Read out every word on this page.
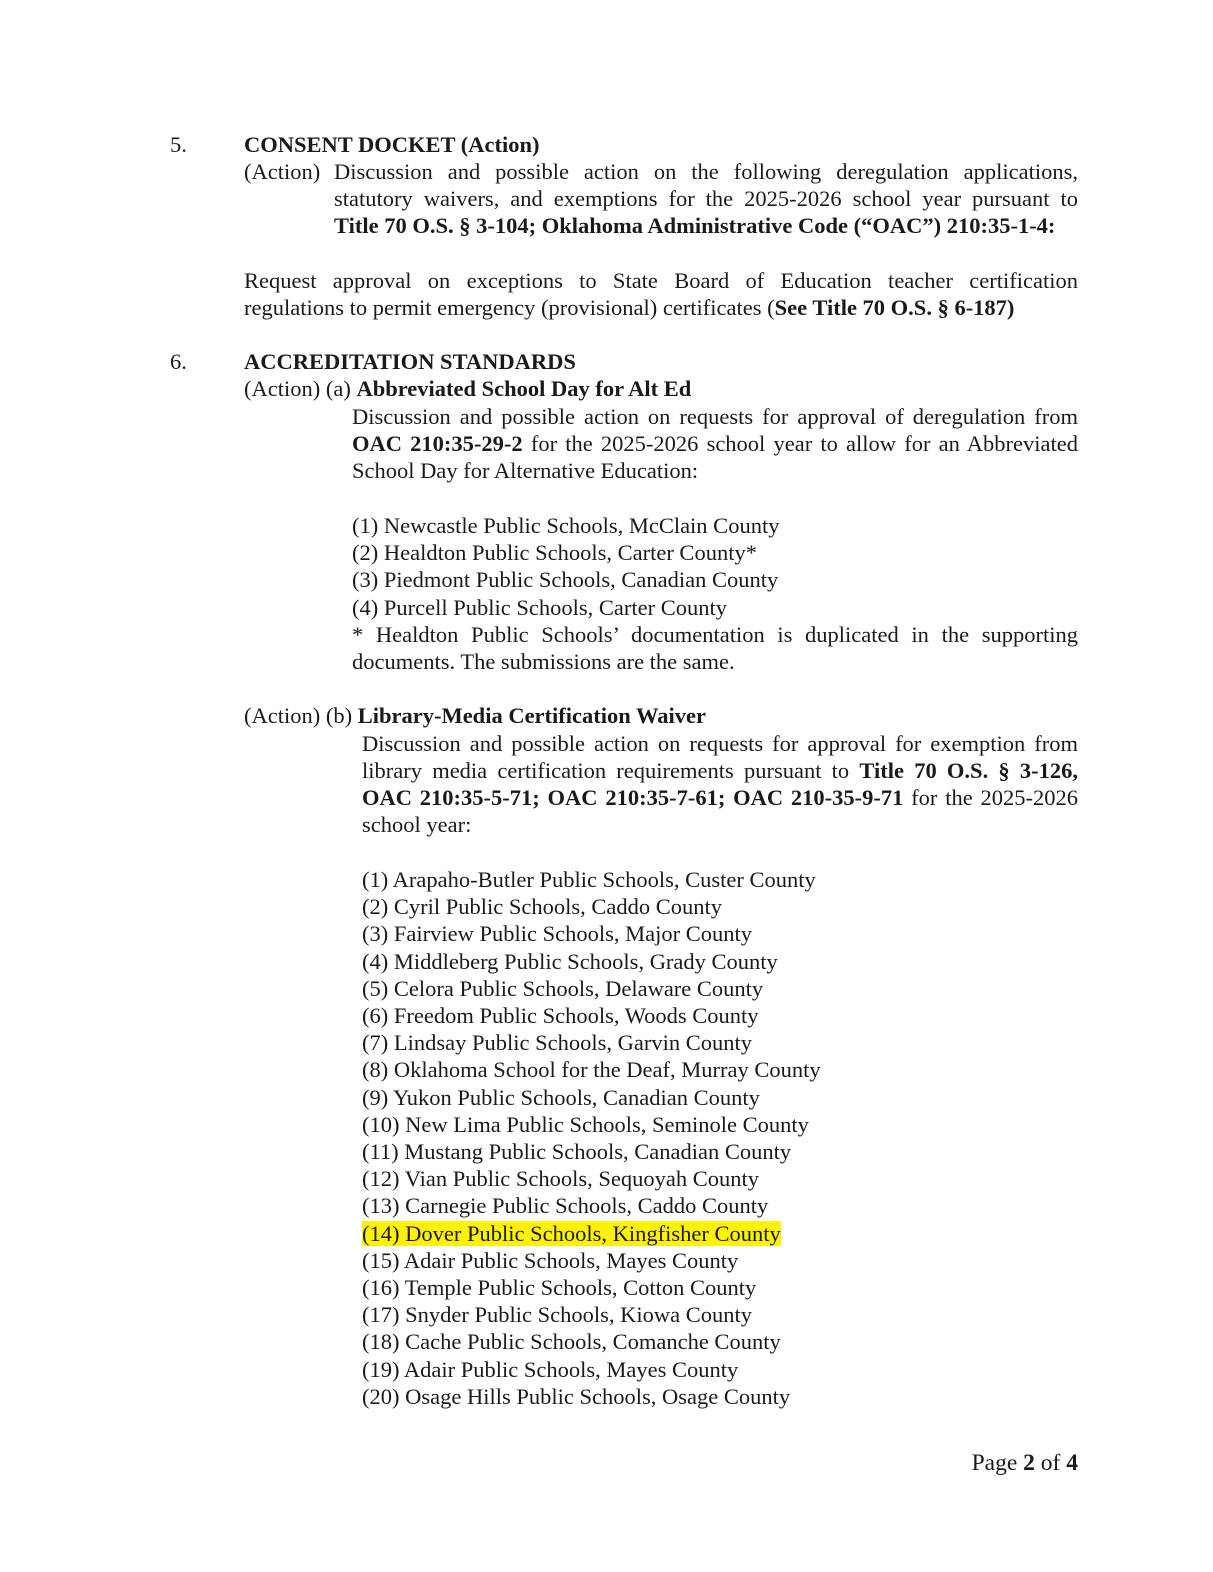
5.	CONSENT DOCKET (Action)
(Action) Discussion and possible action on the following deregulation applications,
statutory waivers, and exemptions for the 2025-2026 school year pursuant to
Title 70 O.S. § 3-104; Oklahoma Administrative Code (“OAC”) 210:35-1-4:
Request approval on exceptions to State Board of Education teacher certification
regulations to permit emergency (provisional) certificates (See Title 70 O.S. § 6-187)
6.	ACCREDITATION STANDARDS
(Action) (a) Abbreviated School Day for Alt Ed
Discussion and possible action on requests for approval of deregulation from
OAC 210:35-29-2 for the 2025-2026 school year to allow for an Abbreviated
School Day for Alternative Education:
(1) Newcastle Public Schools, McClain County
(2) Healdton Public Schools, Carter County*
(3) Piedmont Public Schools, Canadian County
(4) Purcell Public Schools, Carter County
* Healdton Public Schools’ documentation is duplicated in the supporting
documents. The submissions are the same.
(Action) (b) Library-Media Certification Waiver
Discussion and possible action on requests for approval for exemption from
library media certification requirements pursuant to Title 70 O.S. § 3-126,
OAC 210:35-5-71; OAC 210:35-7-61; OAC 210-35-9-71 for the 2025-2026
school year:
(1) Arapaho-Butler Public Schools, Custer County
(2) Cyril Public Schools, Caddo County
(3) Fairview Public Schools, Major County
(4) Middleberg Public Schools, Grady County
(5) Celora Public Schools, Delaware County
(6) Freedom Public Schools, Woods County
(7) Lindsay Public Schools, Garvin County
(8) Oklahoma School for the Deaf, Murray County
(9) Yukon Public Schools, Canadian County
(10) New Lima Public Schools, Seminole County
(11) Mustang Public Schools, Canadian County
(12) Vian Public Schools, Sequoyah County
(13) Carnegie Public Schools, Caddo County
(14) Dover Public Schools, Kingfisher County
(15) Adair Public Schools, Mayes County
(16) Temple Public Schools, Cotton County
(17) Snyder Public Schools, Kiowa County
(18) Cache Public Schools, Comanche County
(19) Adair Public Schools, Mayes County
(20) Osage Hills Public Schools, Osage County
Page 2 of 4
